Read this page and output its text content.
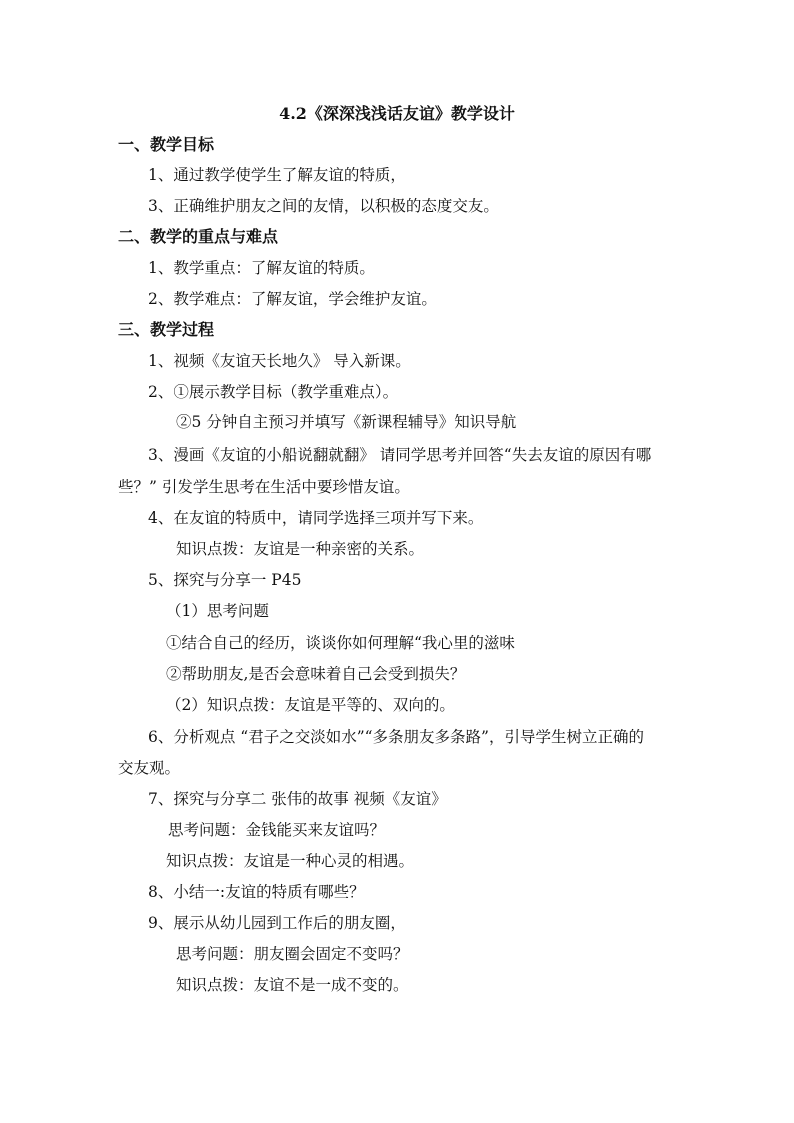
4.2《深深浅浅话友谊》教学设计
一、教学目标
1、通过教学使学生了解友谊的特质，
3、正确维护朋友之间的友情，以积极的态度交友。
二、教学的重点与难点
1、教学重点：了解友谊的特质。
2、教学难点：了解友谊，学会维护友谊。
三、教学过程
1、视频《友谊天长地久》 导入新课。
2、①展示教学目标（教学重难点）。
②5 分钟自主预习并填写《新课程辅导》知识导航
3、漫画《友谊的小船说翻就翻》 请同学思考并回答“失去友谊的原因有哪
些？” 引发学生思考在生活中要珍惜友谊。
4、在友谊的特质中，请同学选择三项并写下来。
知识点拨：友谊是一种亲密的关系。
5、探究与分享一 P45
（1）思考问题
①结合自己的经历，谈谈你如何理解“我心里的滋味
②帮助朋友,是否会意味着自己会受到损失？
（2）知识点拨：友谊是平等的、双向的。
6、分析观点 “君子之交淡如水”“多条朋友多条路”，引导学生树立正确的
交友观。
7、探究与分享二 张伟的故事 视频《友谊》
思考问题：金钱能买来友谊吗？
知识点拨：友谊是一种心灵的相遇。
8、小结一:友谊的特质有哪些？
9、展示从幼儿园到工作后的朋友圈，
思考问题：朋友圈会固定不变吗？
知识点拨：友谊不是一成不变的。
